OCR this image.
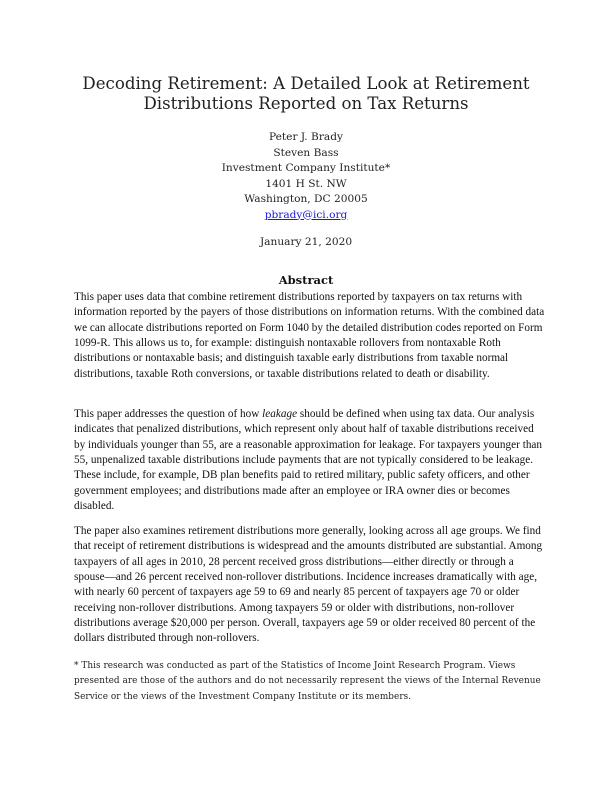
Decoding Retirement: A Detailed Look at Retirement
Distributions Reported on Tax Returns
Peter J. Brady
Steven Bass
Investment Company Institute*
1401 H St. NW
Washington, DC 20005
pbrady@ici.org
January 21, 2020
Abstract

This paper uses data that combine retirement distributions reported by taxpayers on tax returns with information reported by the payers of those distributions on information returns. With the combined data we can allocate distributions reported on Form 1040 by the detailed distribution codes reported on Form 1099-R. This allows us to, for example: distinguish nontaxable rollovers from nontaxable Roth distributions or nontaxable basis; and distinguish taxable early distributions from taxable normal distributions, taxable Roth conversions, or taxable distributions related to death or disability.

This paper addresses the question of how leakage should be defined when using tax data. Our analysis indicates that penalized distributions, which represent only about half of taxable distributions received by individuals younger than 55, are a reasonable approximation for leakage. For taxpayers younger than 55, unpenalized taxable distributions include payments that are not typically considered to be leakage. These include, for example, DB plan benefits paid to retired military, public safety officers, and other government employees; and distributions made after an employee or IRA owner dies or becomes disabled.

The paper also examines retirement distributions more generally, looking across all age groups. We find that receipt of retirement distributions is widespread and the amounts distributed are substantial. Among taxpayers of all ages in 2010, 28 percent received gross distributions—either directly or through a spouse—and 26 percent received non-rollover distributions. Incidence increases dramatically with age, with nearly 60 percent of taxpayers age 59 to 69 and nearly 85 percent of taxpayers age 70 or older receiving non-rollover distributions. Among taxpayers 59 or older with distributions, non-rollover distributions average $20,000 per person. Overall, taxpayers age 59 or older received 80 percent of the dollars distributed through non-rollovers.

* This research was conducted as part of the Statistics of Income Joint Research Program. Views presented are those of the authors and do not necessarily represent the views of the Internal Revenue Service or the views of the Investment Company Institute or its members.
